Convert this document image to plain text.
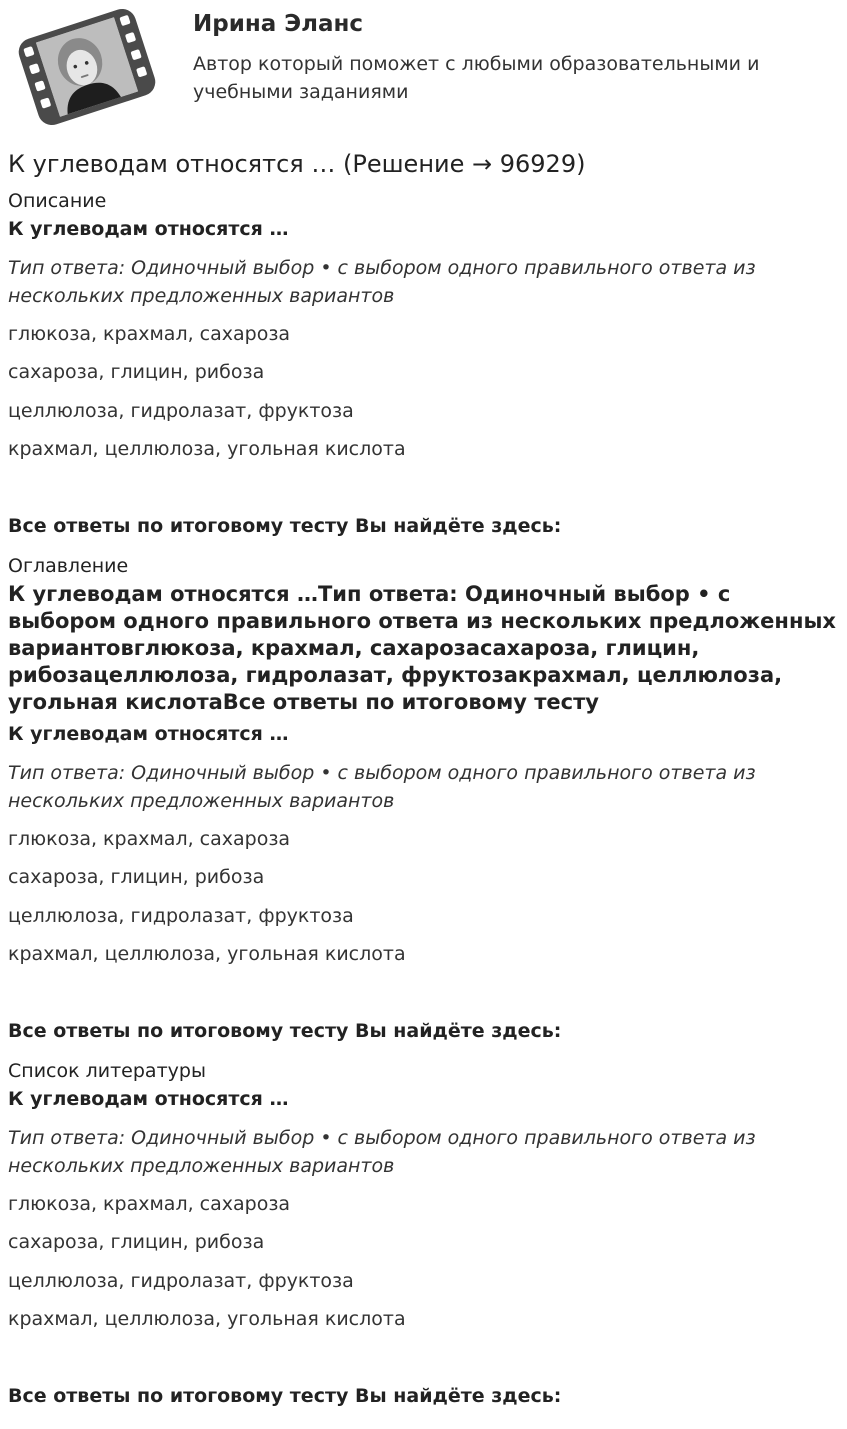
Ирина Эланс
Автор который поможет с любыми образовательными и учебными заданиями
К углеводам относятся … (Решение → 96929)
Описание
К углеводам относятся …
Тип ответа: Одиночный выбор • с выбором одного правильного ответа из нескольких предложенных вариантов
глюкоза, крахмал, сахароза
сахароза, глицин, рибоза
целлюлоза, гидролазат, фруктоза
крахмал, целлюлоза, угольная кислота
Все ответы по итоговому тесту Вы найдёте здесь:
Оглавление
К углеводам относятся …Тип ответа: Одиночный выбор • с выбором одного правильного ответа из нескольких предложенных вариантовглюкоза, крахмал, сахарозасахароза, глицин, рибозацеллюлоза, гидролазат, фруктозакрахмал, целлюлоза, угольная кислотаВсе ответы по итоговому тесту
К углеводам относятся …
Тип ответа: Одиночный выбор • с выбором одного правильного ответа из нескольких предложенных вариантов
глюкоза, крахмал, сахароза
сахароза, глицин, рибоза
целлюлоза, гидролазат, фруктоза
крахмал, целлюлоза, угольная кислота
Все ответы по итоговому тесту Вы найдёте здесь:
Список литературы
К углеводам относятся …
Тип ответа: Одиночный выбор • с выбором одного правильного ответа из нескольких предложенных вариантов
глюкоза, крахмал, сахароза
сахароза, глицин, рибоза
целлюлоза, гидролазат, фруктоза
крахмал, целлюлоза, угольная кислота
Все ответы по итоговому тесту Вы найдёте здесь:
